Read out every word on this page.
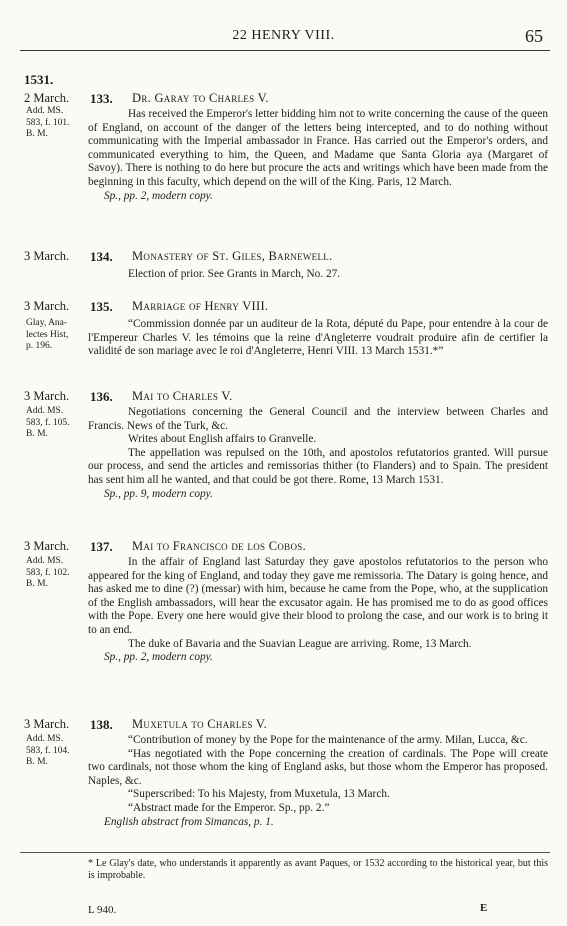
22 HENRY VIII.	65
1531.
2 March. 133. Dr. Garay to Charles V.
Add. MS.
583, f. 101.
B. M.

Has received the Emperor's letter bidding him not to write concerning the cause of the queen of England, on account of the danger of the letters being intercepted, and to do nothing without communicating with the Imperial ambassador in France. Has carried out the Emperor's orders, and communicated everything to him, the Queen, and Madame que Santa Gloria aya (Margaret of Savoy). There is nothing to do here but procure the acts and writings which have been made from the beginning in this faculty, which depend on the will of the King. Paris, 12 March.

Sp., pp. 2, modern copy.

3 March. 134. Monastery of St. Giles, Barnewell.

Election of prior. See Grants in March, No. 27.

3 March. 135. Marriage of Henry VIII.
Glay, Ana-
lectes Hist,
p. 196.

“Commission donnée par un auditeur de la Rota, député du Pape, pour entendre à la cour de l'Empereur Charles V. les témoins que la reine d'Angleterre voudrait produire afin de certifier la validité de son mariage avec le roi d'Angleterre, Henri VIII. 13 March 1531.*”

3 March. 136. Mai to Charles V.
Add. MS.
583, f. 105.
B. M.

Negotiations concerning the General Council and the interview between Charles and Francis. News of the Turk, &c.

Writes about English affairs to Granvelle.

The appellation was repulsed on the 10th, and apostolos refutatorios granted. Will pursue our process, and send the articles and remissorias thither (to Flanders) and to Spain. The president has sent him all he wanted, and that could be got there. Rome, 13 March 1531.

Sp., pp. 9, modern copy.

3 March. 137. Mai to Francisco de los Cobos.
Add. MS.
583, f. 102.
B. M.

In the affair of England last Saturday they gave apostolos refutatorios to the person who appeared for the king of England, and today they gave me remissoria. The Datary is going hence, and has asked me to dine (?) (messar) with him, because he came from the Pope, who, at the supplication of the English ambassadors, will hear the excusator again. He has promised me to do as good offices with the Pope. Every one here would give their blood to prolong the case, and our work is to bring it to an end.

The duke of Bavaria and the Suavian League are arriving. Rome, 13 March.

Sp., pp. 2, modern copy.

3 March. 138. Muxetula to Charles V.
Add. MS.
583, f. 104.
B. M.

“Contribution of money by the Pope for the maintenance of the army. Milan, Lucca, &c.

“Has negotiated with the Pope concerning the creation of cardinals. The Pope will create two cardinals, not those whom the king of England asks, but those whom the Emperor has proposed. Naples, &c.

“Superscribed: To his Majesty, from Muxetula, 13 March.

“Abstract made for the Emperor. Sp., pp. 2.”

English abstract from Simancas, p. 1.

* Le Glay's date, who understands it apparently as avant Paques, or 1532 according to the historical year, but this is improbable.
L 940.	E
